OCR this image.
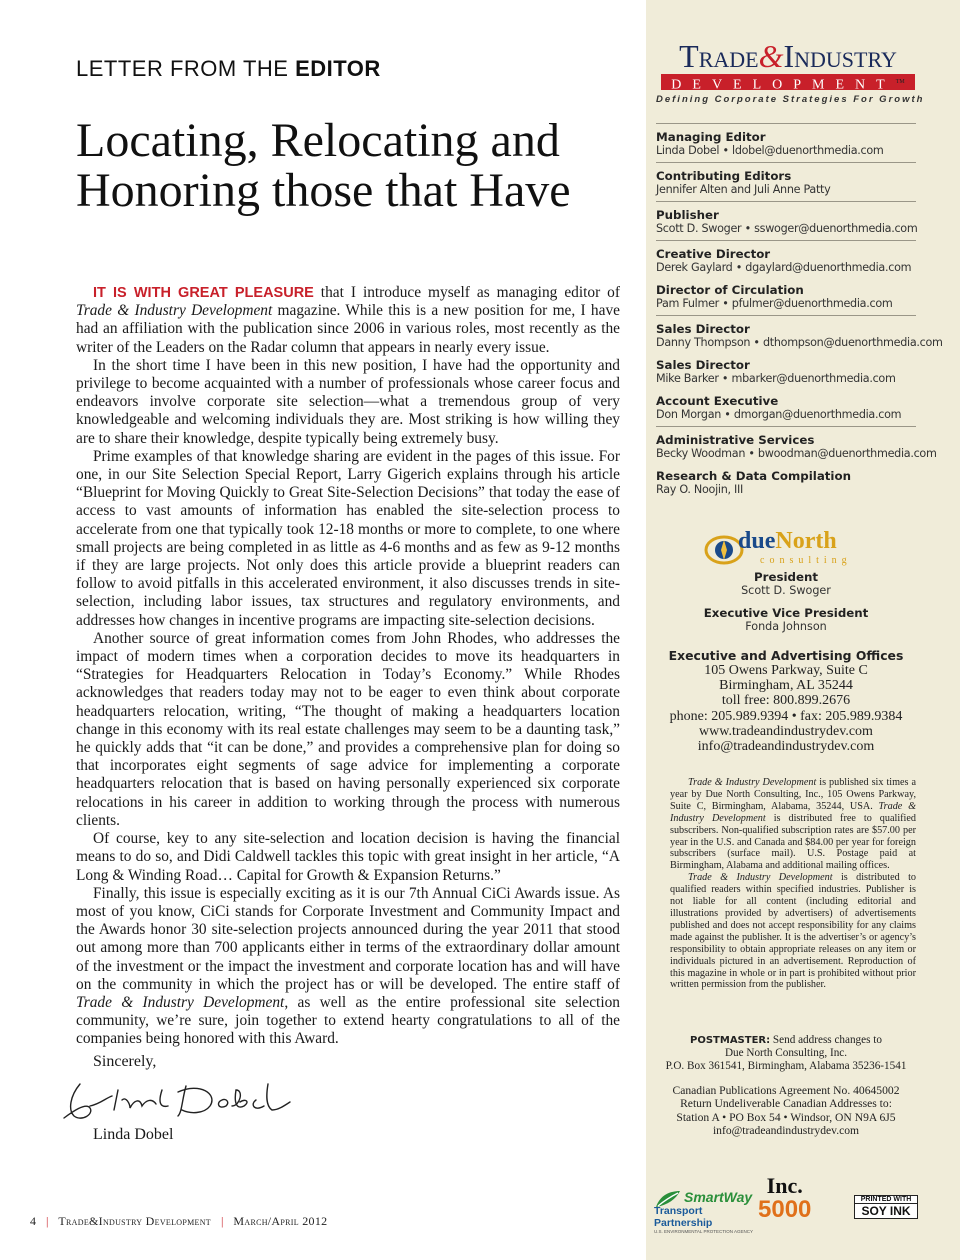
LETTER FROM THE EDITOR
Locating, Relocating and Honoring those that Have

IT IS WITH GREAT PLEASURE that I introduce myself as managing editor of Trade & Industry Development magazine. While this is a new position for me, I have had an affiliation with the publication since 2006 in various roles, most recently as the writer of the Leaders on the Radar column that appears in nearly every issue.

In the short time I have been in this new position, I have had the opportunity and privilege to become acquainted with a number of professionals whose career focus and endeavors involve corporate site selection—what a tremendous group of very knowledgeable and welcoming individuals they are. Most striking is how willing they are to share their knowledge, despite typically being extremely busy.

Prime examples of that knowledge sharing are evident in the pages of this issue. For one, in our Site Selection Special Report, Larry Gigerich explains through his article “Blueprint for Moving Quickly to Great Site-Selection Decisions” that today the ease of access to vast amounts of information has enabled the site-selection process to accelerate from one that typically took 12-18 months or more to complete, to one where small projects are being completed in as little as 4-6 months and as few as 9-12 months if they are large projects. Not only does this article provide a blueprint readers can follow to avoid pitfalls in this accelerated environment, it also discusses trends in site-selection, including labor issues, tax structures and regulatory environments, and addresses how changes in incentive programs are impacting site-selection decisions.

Another source of great information comes from John Rhodes, who addresses the impact of modern times when a corporation decides to move its headquarters in “Strategies for Headquarters Relocation in Today’s Economy.” While Rhodes acknowledges that readers today may not to be eager to even think about corporate headquarters relocation, writing, “The thought of making a headquarters location change in this economy with its real estate challenges may seem to be a daunting task,” he quickly adds that “it can be done,” and provides a comprehensive plan for doing so that incorporates eight segments of sage advice for implementing a corporate headquarters relocation that is based on having personally experienced six corporate relocations in his career in addition to working through the process with numerous clients.

Of course, key to any site-selection and location decision is having the financial means to do so, and Didi Caldwell tackles this topic with great insight in her article, “A Long & Winding Road… Capital for Growth & Expansion Returns.”

Finally, this issue is especially exciting as it is our 7th Annual CiCi Awards issue. As most of you know, CiCi stands for Corporate Investment and Community Impact and the Awards honor 30 site-selection projects announced during the year 2011 that stood out among more than 700 applicants either in terms of the extraordinary dollar amount of the investment or the impact the investment and corporate location has and will have on the community in which the project has or will be developed. The entire staff of Trade & Industry Development, as well as the entire professional site selection community, we’re sure, join together to extend hearty congratulations to all of the companies being honored with this Award.

Sincerely,
Linda Dobel
4 | Trade&Industry Development | March/April 2012
Trade&Industry
DEVELOPMENT™
Defining Corporate Strategies For Growth
Managing Editor
Linda Dobel • ldobel@duenorthmedia.com
Contributing Editors
Jennifer Alten and Juli Anne Patty
Publisher
Scott D. Swoger • sswoger@duenorthmedia.com
Creative Director
Derek Gaylard • dgaylard@duenorthmedia.com
Director of Circulation
Pam Fulmer • pfulmer@duenorthmedia.com
Sales Director
Danny Thompson • dthompson@duenorthmedia.com
Sales Director
Mike Barker • mbarker@duenorthmedia.com
Account Executive
Don Morgan • dmorgan@duenorthmedia.com
Administrative Services
Becky Woodman • bwoodman@duenorthmedia.com
Research & Data Compilation
Ray O. Noojin, III
dueNorth
consulting
President
Scott D. Swoger
Executive Vice President
Fonda Johnson
Executive and Advertising Offices
105 Owens Parkway, Suite C
Birmingham, AL 35244
toll free: 800.899.2676
phone: 205.989.9394 • fax: 205.989.9384
www.tradeandindustrydev.com
info@tradeandindustrydev.com

Trade & Industry Development is published six times a year by Due North Consulting, Inc., 105 Owens Parkway, Suite C, Birmingham, Alabama, 35244, USA. Trade & Industry Development is distributed free to qualified subscribers. Non-qualified subscription rates are $57.00 per year in the U.S. and Canada and $84.00 per year for foreign subscribers (surface mail). U.S. Postage paid at Birmingham, Alabama and additional mailing offices.

Trade & Industry Development is distributed to qualified readers within specified industries. Publisher is not liable for all content (including editorial and illustrations provided by advertisers) of advertisements published and does not accept responsibility for any claims made against the publisher. It is the advertiser’s or agency’s responsibility to obtain appropriate releases on any item or individuals pictured in an advertisement. Reproduction of this magazine in whole or in part is prohibited without prior written permission from the publisher.

POSTMASTER: Send address changes to
Due North Consulting, Inc.
P.O. Box 361541, Birmingham, Alabama 35236-1541
Canadian Publications Agreement No. 40645002
Return Undeliverable Canadian Addresses to:
Station A • PO Box 54 • Windsor, ON N9A 6J5
info@tradeandindustrydev.com
SmartWay
Transport Partnership
U.S. ENVIRONMENTAL PROTECTION AGENCY
Inc.
5000	PRINTED WITH
SOY INK
